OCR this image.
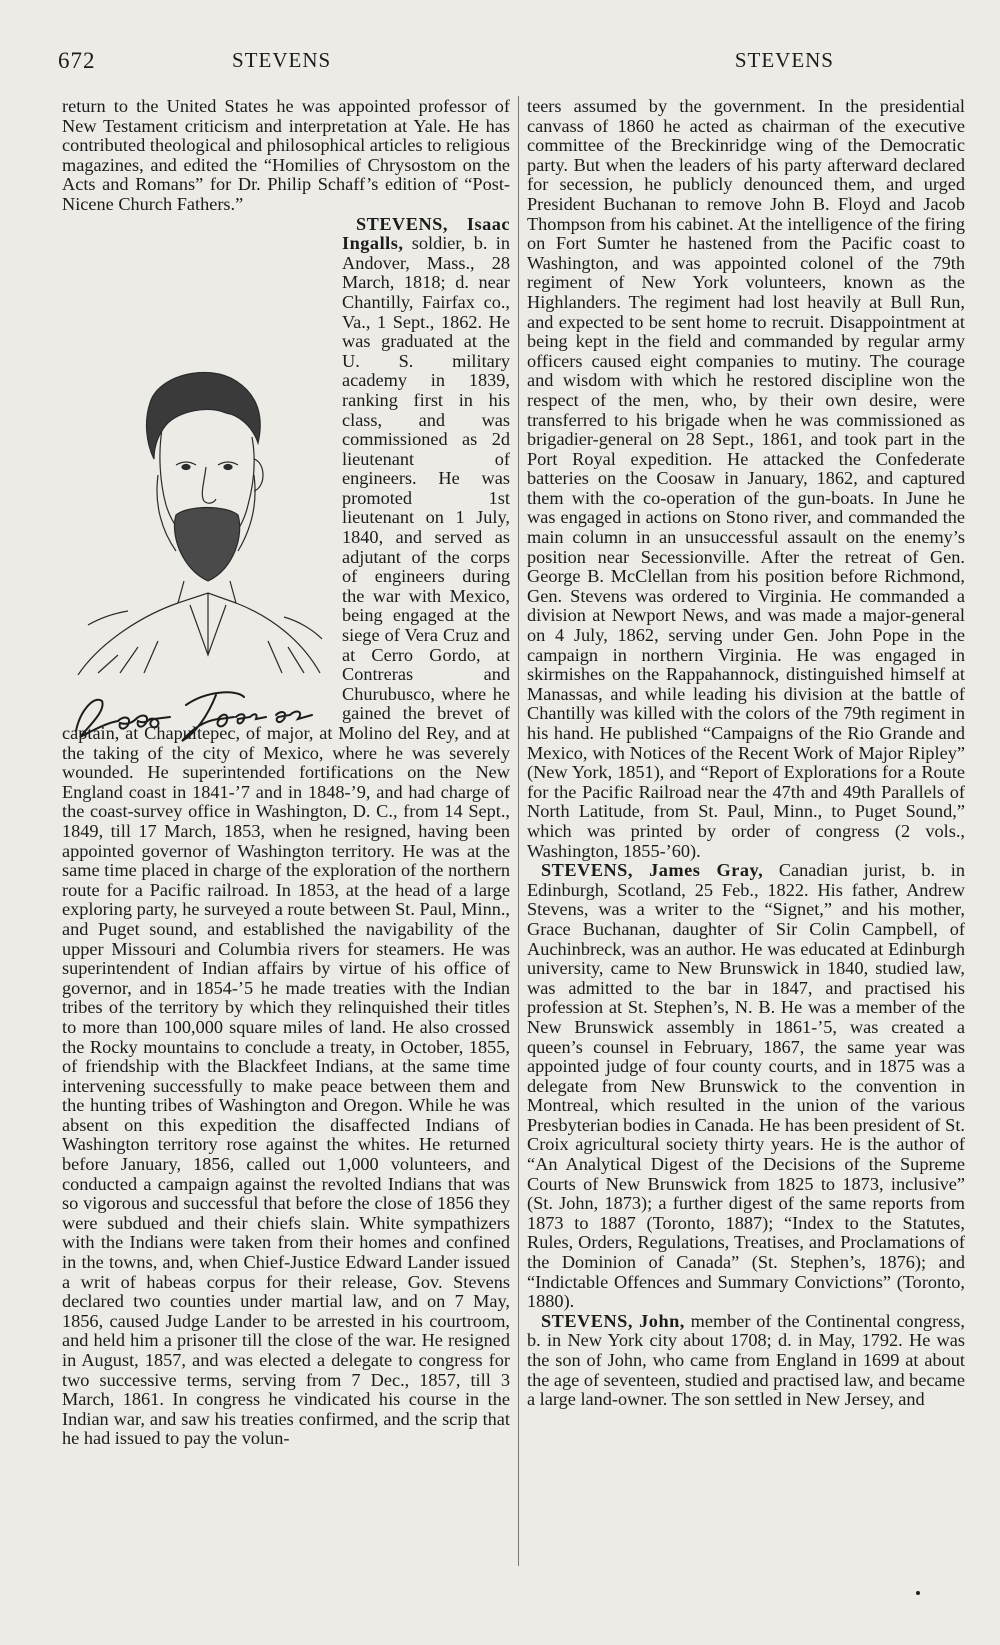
672	STEVENS	STEVENS

return to the United States he was appointed professor of New Testament criticism and interpretation at Yale. He has contributed theological and philosophical articles to religious magazines, and edited the “Homilies of Chrysostom on the Acts and Romans” for Dr. Philip Schaff’s edition of “Post-Nicene Church Fathers.”

STEVENS, Isaac Ingalls, soldier, b. in Andover, Mass., 28 March, 1818; d. near Chantilly, Fairfax co., Va., 1 Sept., 1862. He was graduated at the U. S. military academy in 1839, ranking first in his class, and was commissioned as 2d lieutenant of engineers. He was promoted 1st lieutenant on 1 July, 1840, and served as adjutant of the corps of engineers during the war with Mexico, being engaged at the siege of Vera Cruz and at Cerro Gordo, at Contreras and Churubusco, where he gained the brevet of captain, at Chapultepec, of major, at Molino del Rey, and at the taking of the city of Mexico, where he was severely wounded. He superintended fortifications on the New England coast in 1841-’7 and in 1848-’9, and had charge of the coast-survey office in Washington, D. C., from 14 Sept., 1849, till 17 March, 1853, when he resigned, having been appointed governor of Washington territory. He was at the same time placed in charge of the exploration of the northern route for a Pacific railroad. In 1853, at the head of a large exploring party, he surveyed a route between St. Paul, Minn., and Puget sound, and established the navigability of the upper Missouri and Columbia rivers for steamers. He was superintendent of Indian affairs by virtue of his office of governor, and in 1854-’5 he made treaties with the Indian tribes of the territory by which they relinquished their titles to more than 100,000 square miles of land. He also crossed the Rocky mountains to conclude a treaty, in October, 1855, of friendship with the Blackfeet Indians, at the same time intervening successfully to make peace between them and the hunting tribes of Washington and Oregon. While he was absent on this expedition the disaffected Indians of Washington territory rose against the whites. He returned before January, 1856, called out 1,000 volunteers, and conducted a campaign against the revolted Indians that was so vigorous and successful that before the close of 1856 they were subdued and their chiefs slain. White sympathizers with the Indians were taken from their homes and confined in the towns, and, when Chief-Justice Edward Lander issued a writ of habeas corpus for their release, Gov. Stevens declared two counties under martial law, and on 7 May, 1856, caused Judge Lander to be arrested in his courtroom, and held him a prisoner till the close of the war. He resigned in August, 1857, and was elected a delegate to congress for two successive terms, serving from 7 Dec., 1857, till 3 March, 1861. In congress he vindicated his course in the Indian war, and saw his treaties confirmed, and the scrip that he had issued to pay the volun-

teers assumed by the government. In the presidential canvass of 1860 he acted as chairman of the executive committee of the Breckinridge wing of the Democratic party. But when the leaders of his party afterward declared for secession, he publicly denounced them, and urged President Buchanan to remove John B. Floyd and Jacob Thompson from his cabinet. At the intelligence of the firing on Fort Sumter he hastened from the Pacific coast to Washington, and was appointed colonel of the 79th regiment of New York volunteers, known as the Highlanders. The regiment had lost heavily at Bull Run, and expected to be sent home to recruit. Disappointment at being kept in the field and commanded by regular army officers caused eight companies to mutiny. The courage and wisdom with which he restored discipline won the respect of the men, who, by their own desire, were transferred to his brigade when he was commissioned as brigadier-general on 28 Sept., 1861, and took part in the Port Royal expedition. He attacked the Confederate batteries on the Coosaw in January, 1862, and captured them with the co-operation of the gun-boats. In June he was engaged in actions on Stono river, and commanded the main column in an unsuccessful assault on the enemy’s position near Secessionville. After the retreat of Gen. George B. McClellan from his position before Richmond, Gen. Stevens was ordered to Virginia. He commanded a division at Newport News, and was made a major-general on 4 July, 1862, serving under Gen. John Pope in the campaign in northern Virginia. He was engaged in skirmishes on the Rappahannock, distinguished himself at Manassas, and while leading his division at the battle of Chantilly was killed with the colors of the 79th regiment in his hand. He published “Campaigns of the Rio Grande and Mexico, with Notices of the Recent Work of Major Ripley” (New York, 1851), and “Report of Explorations for a Route for the Pacific Railroad near the 47th and 49th Parallels of North Latitude, from St. Paul, Minn., to Puget Sound,” which was printed by order of congress (2 vols., Washington, 1855-’60).

STEVENS, James Gray, Canadian jurist, b. in Edinburgh, Scotland, 25 Feb., 1822. His father, Andrew Stevens, was a writer to the “Signet,” and his mother, Grace Buchanan, daughter of Sir Colin Campbell, of Auchinbreck, was an author. He was educated at Edinburgh university, came to New Brunswick in 1840, studied law, was admitted to the bar in 1847, and practised his profession at St. Stephen’s, N. B. He was a member of the New Brunswick assembly in 1861-’5, was created a queen’s counsel in February, 1867, the same year was appointed judge of four county courts, and in 1875 was a delegate from New Brunswick to the convention in Montreal, which resulted in the union of the various Presbyterian bodies in Canada. He has been president of St. Croix agricultural society thirty years. He is the author of “An Analytical Digest of the Decisions of the Supreme Courts of New Brunswick from 1825 to 1873, inclusive” (St. John, 1873); a further digest of the same reports from 1873 to 1887 (Toronto, 1887); “Index to the Statutes, Rules, Orders, Regulations, Treatises, and Proclamations of the Dominion of Canada” (St. Stephen’s, 1876); and “Indictable Offences and Summary Convictions” (Toronto, 1880).

STEVENS, John, member of the Continental congress, b. in New York city about 1708; d. in May, 1792. He was the son of John, who came from England in 1699 at about the age of seventeen, studied and practised law, and became a large land-owner. The son settled in New Jersey, and
